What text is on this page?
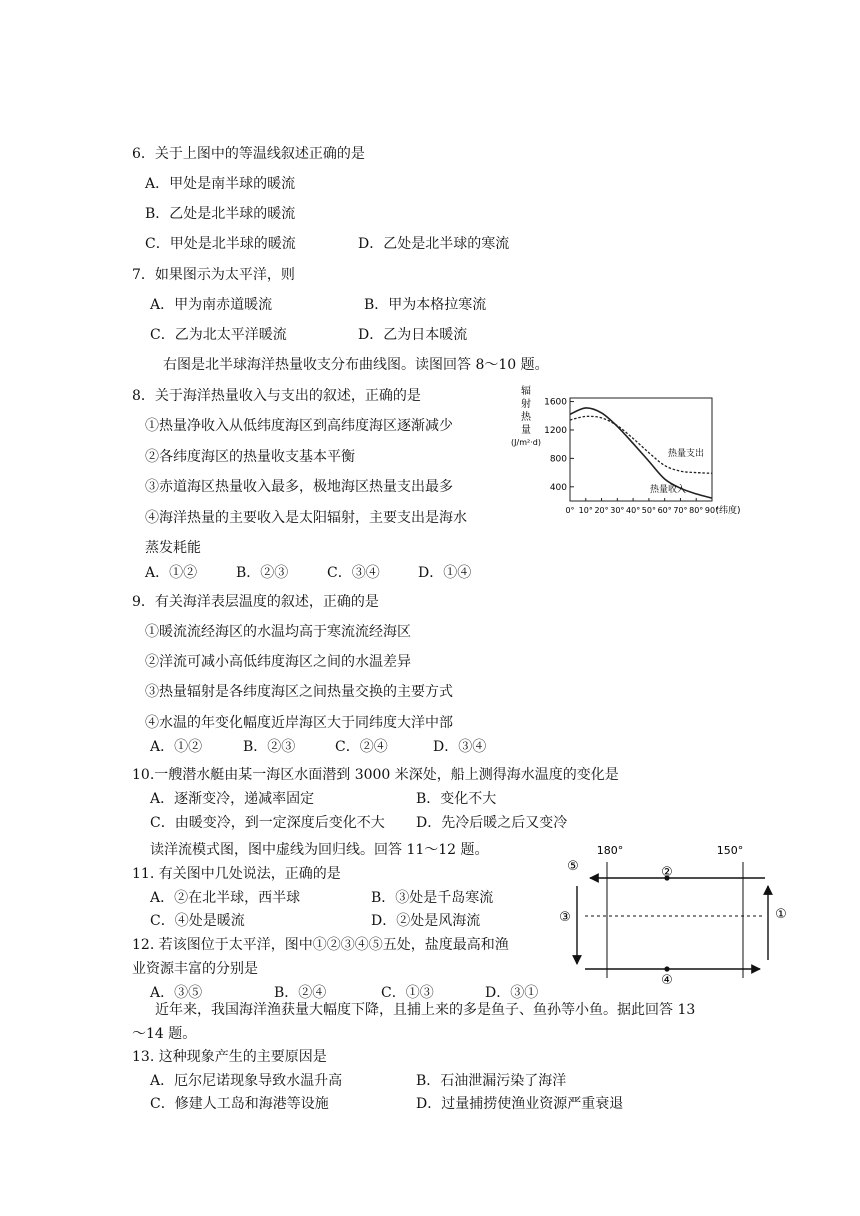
6．关于上图中的等温线叙述正确的是
A．甲处是南半球的暖流
B．乙处是北半球的暖流
C．甲处是北半球的暖流	D．乙处是北半球的寒流
7．如果图示为太平洋，则
A．甲为南赤道暖流	B．甲为本格拉寒流
C．乙为北太平洋暖流	D．乙为日本暖流
右图是北半球海洋热量收支分布曲线图。读图回答 8～10 题。
8．关于海洋热量收入与支出的叙述，正确的是
①热量净收入从低纬度海区到高纬度海区逐渐减少
②各纬度海区的热量收支基本平衡
③赤道海区热量收入最多，极地海区热量支出最多
④海洋热量的主要收入是太阳辐射，主要支出是海水
蒸发耗能
A．①②	B．②③	C．③④	D．①④
辐
射
热
量
(J/m²·d)
1600
1200
800
400
0° 10° 20° 30° 40° 50° 60° 70° 80° 90°
(纬度)
热量支出
热量收入
9．有关海洋表层温度的叙述，正确的是
①暖流流经海区的水温均高于寒流流经海区
②洋流可减小高低纬度海区之间的水温差异
③热量辐射是各纬度海区之间热量交换的主要方式
④水温的年变化幅度近岸海区大于同纬度大洋中部
A．①②	B．②③	C．②④	D．③④
10.一艘潜水艇由某一海区水面潜到 3000 米深处，船上测得海水温度的变化是
A．逐渐变冷，递减率固定	B．变化不大
C．由暖变冷，到一定深度后变化不大 D．先冷后暖之后又变冷
读洋流模式图，图中虚线为回归线。回答 11～12 题。
11. 有关图中几处说法，正确的是
A．②在北半球，西半球	B．③处是千岛寒流
C．④处是暖流	D．②处是风海流
12. 若该图位于太平洋，图中①②③④⑤五处，盐度最高和渔
业资源丰富的分别是
A．③⑤	B．②④	C．①③	D．③①
180°	150°
⑤	②
③	①
④
近年来，我国海洋渔获量大幅度下降，且捕上来的多是鱼子、鱼孙等小鱼。据此回答 13
～14 题。
13. 这种现象产生的主要原因是
A．厄尔尼诺现象导致水温升高	B．石油泄漏污染了海洋
C．修建人工岛和海港等设施	D．过量捕捞使渔业资源严重衰退
